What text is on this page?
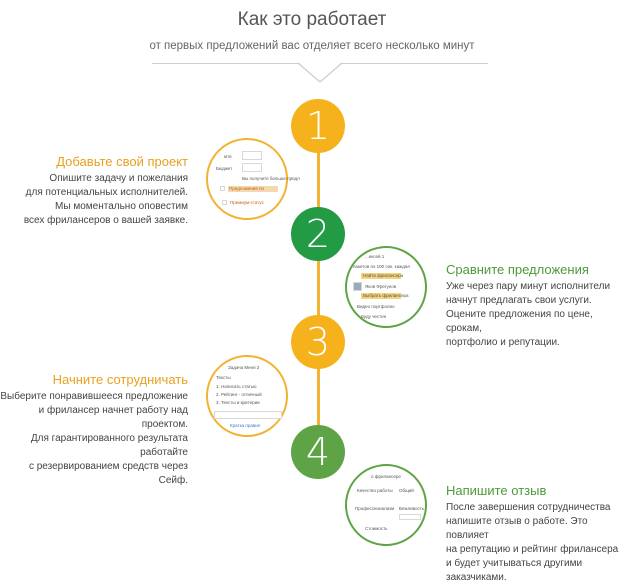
Как это работает
от первых предложений вас отделяет всего несколько минут
1
2
3
4
мте
Бюджет
Вы получите больше предл
Предложения по
Премиум-статус
...ексей 1
пакетов по 100 сек. каждая
Найти фрилансера
Яков Фрегунов
Выбрать фрилансера
Видео портфолио
Буду честен
Задача Меня 2
Тексты
1. Написать статью
2. Рейтинг - отличный
3. Тексты и критерии
Кратка правил
о фрилансере
Качество работы Общий
Профессионализм Вежливость
Стоимость
Добавьте свой проект
Опишите задачу и пожелания
для потенциальных исполнителей.
Мы моментально оповестим
всех фрилансеров о вашей заявке.
Сравните предложения
Уже через пару минут исполнители
начнут предлагать свои услуги.
Оцените предложения по цене, срокам,
портфолио и репутации.
Начните сотрудничать
Выберите понравившееся предложение
и фрилансер начнет работу над проектом.
Для гарантированного результата работайте
с резервированием средств через Сейф.
Напишите отзыв
После завершения сотрудничества
напишите отзыв о работе. Это повлияет
на репутацию и рейтинг фрилансера
и будет учитываться другими заказчиками.
